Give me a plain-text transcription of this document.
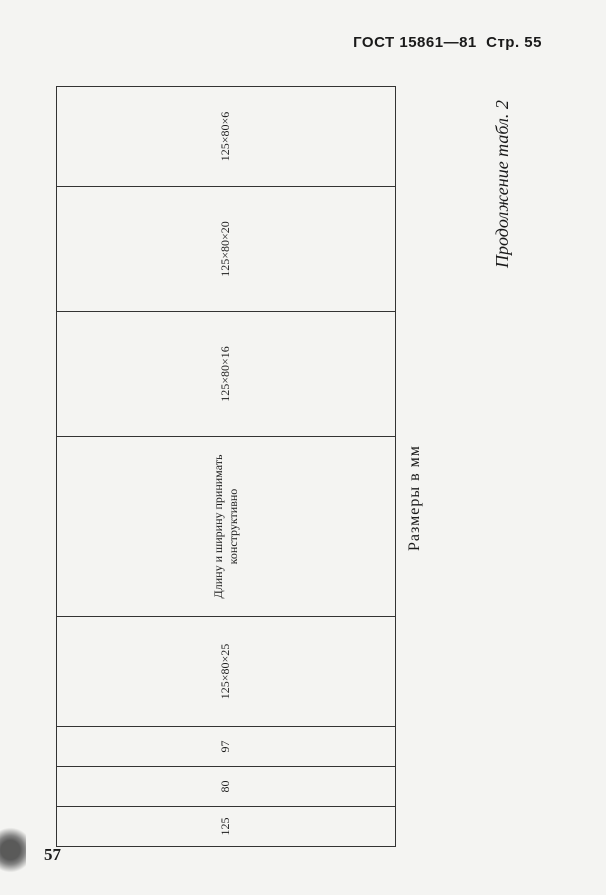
ГОСТ 15861—81 Стр. 55
57
Продолжение табл. 2
Размеры в мм
125	80	97	125×80×25	Длину и ширину принимать конструктивно	125×80×16	125×80×20	125×80×6
